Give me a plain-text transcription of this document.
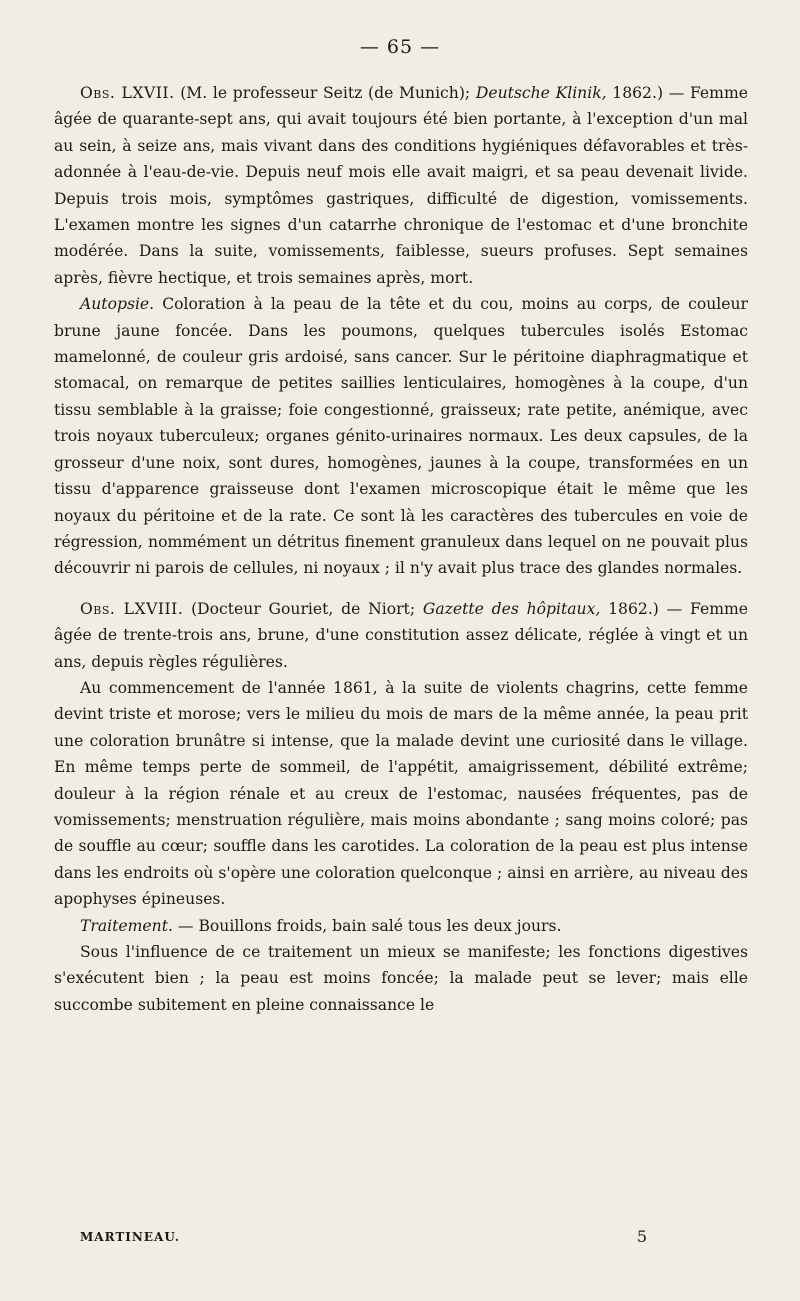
— 65 —

Obs. LXVII. (M. le professeur Seitz (de Munich); Deutsche Klinik, 1862.) — Femme âgée de quarante-sept ans, qui avait toujours été bien portante, à l'exception d'un mal au sein, à seize ans, mais vivant dans des conditions hygiéniques défavorables et très-adonnée à l'eau-de-vie. Depuis neuf mois elle avait maigri, et sa peau devenait livide. Depuis trois mois, symptômes gastriques, difficulté de digestion, vomissements. L'examen montre les signes d'un catarrhe chronique de l'estomac et d'une bronchite modérée. Dans la suite, vomissements, faiblesse, sueurs profuses. Sept semaines après, fièvre hectique, et trois semaines après, mort.

Autopsie. Coloration à la peau de la tête et du cou, moins au corps, de couleur brune jaune foncée. Dans les poumons, quelques tubercules isolés Estomac mamelonné, de couleur gris ardoisé, sans cancer. Sur le péritoine diaphragmatique et stomacal, on remarque de petites saillies lenticulaires, homogènes à la coupe, d'un tissu semblable à la graisse; foie congestionné, graisseux; rate petite, anémique, avec trois noyaux tuberculeux; organes génito-urinaires normaux. Les deux capsules, de la grosseur d'une noix, sont dures, homogènes, jaunes à la coupe, transformées en un tissu d'apparence graisseuse dont l'examen microscopique était le même que les noyaux du péritoine et de la rate. Ce sont là les caractères des tubercules en voie de régression, nommément un détritus finement granuleux dans lequel on ne pouvait plus découvrir ni parois de cellules, ni noyaux ; il n'y avait plus trace des glandes normales.

Obs. LXVIII. (Docteur Gouriet, de Niort; Gazette des hôpitaux, 1862.) — Femme âgée de trente-trois ans, brune, d'une constitution assez délicate, réglée à vingt et un ans, depuis règles régulières.

Au commencement de l'année 1861, à la suite de violents chagrins, cette femme devint triste et morose; vers le milieu du mois de mars de la même année, la peau prit une coloration brunâtre si intense, que la malade devint une curiosité dans le village. En même temps perte de sommeil, de l'appétit, amaigrissement, débilité extrême; douleur à la région rénale et au creux de l'estomac, nausées fréquentes, pas de vomissements; menstruation régulière, mais moins abondante ; sang moins coloré; pas de souffle au cœur; souffle dans les carotides. La coloration de la peau est plus intense dans les endroits où s'opère une coloration quelconque ; ainsi en arrière, au niveau des apophyses épineuses.

Traitement. — Bouillons froids, bain salé tous les deux jours.

Sous l'influence de ce traitement un mieux se manifeste; les fonctions digestives s'exécutent bien ; la peau est moins foncée; la malade peut se lever; mais elle succombe subitement en pleine connaissance le

MARTINEAU.	5
